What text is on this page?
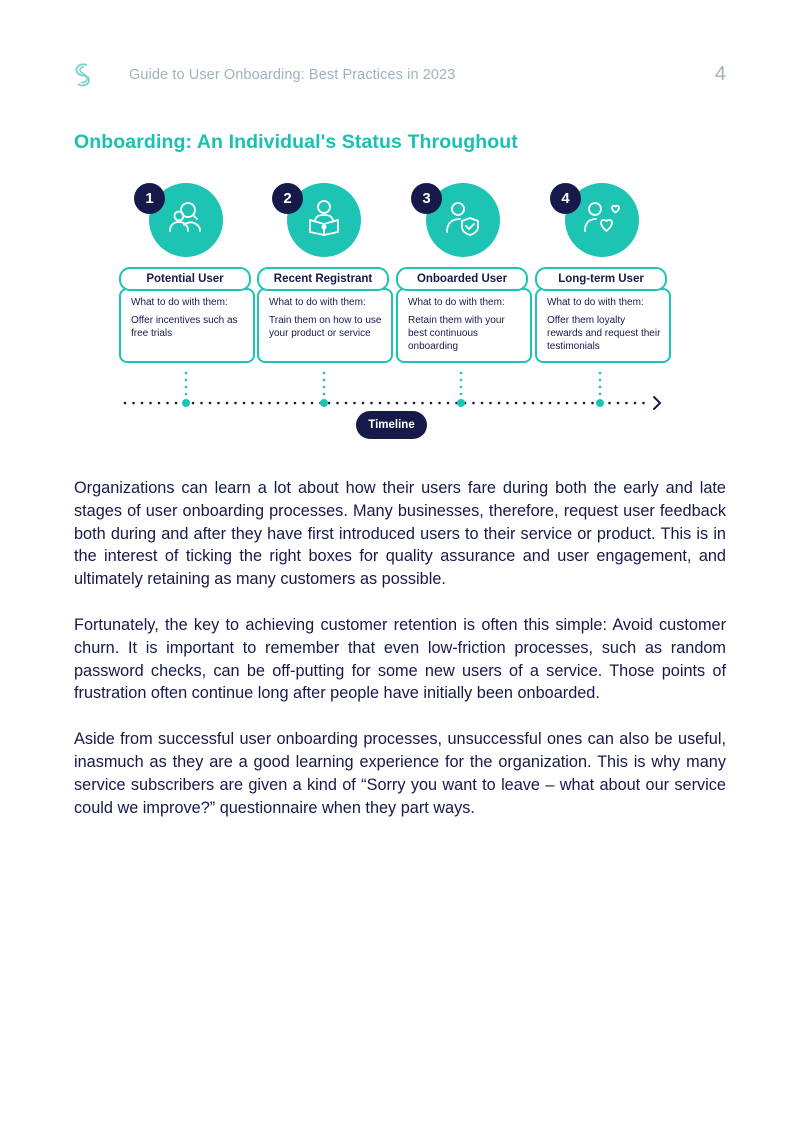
Guide to User Onboarding: Best Practices in 2023	4
Onboarding: An Individual's Status Throughout
1
Potential User
What to do with them:
Offer incentives such as free trials
2
Recent Registrant
What to do with them:
Train them on how to use your product or service
3
Onboarded User
What to do with them:
Retain them with your best continuous onboarding
4
Long-term User
What to do with them:
Offer them loyalty rewards and request their testimonials
Timeline

Organizations can learn a lot about how their users fare during both the early and late stages of user onboarding processes. Many businesses, therefore, request user feedback both during and after they have first introduced users to their service or product. This is in the interest of ticking the right boxes for quality assurance and user engagement, and ultimately retaining as many customers as possible.

Fortunately, the key to achieving customer retention is often this simple: Avoid customer churn. It is important to remember that even low-friction processes, such as random password checks, can be off-putting for some new users of a service. Those points of frustration often continue long after people have initially been onboarded.

Aside from successful user onboarding processes, unsuccessful ones can also be useful, inasmuch as they are a good learning experience for the organization. This is why many service subscribers are given a kind of “Sorry you want to leave – what about our service could we improve?” questionnaire when they part ways.
